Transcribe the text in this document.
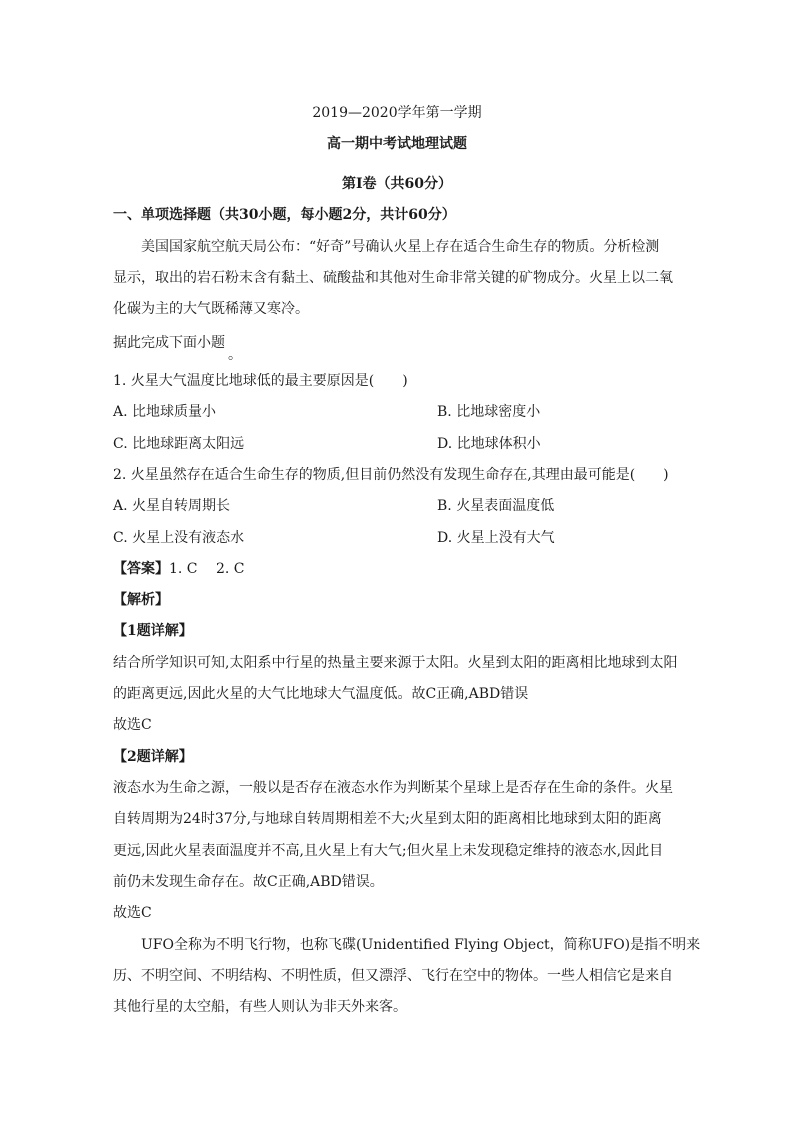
2019—2020学年第一学期
高一期中考试地理试题
第Ⅰ卷（共60分）
一、单项选择题（共30小题，每小题2分，共计60分）
美国国家航空航天局公布：“好奇”号确认火星上存在适合生命生存的物质。分析检测
显示，取出的岩石粉末含有黏土、硫酸盐和其他对生命非常关键的矿物成分。火星上以二氧
化碳为主的大气既稀薄又寒冷。
据此完成下面小题
。
1. 火星大气温度比地球低的最主要原因是(　　)
A. 比地球质量小	B. 比地球密度小
C. 比地球距离太阳远	D. 比地球体积小
2. 火星虽然存在适合生命生存的物质,但目前仍然没有发现生命存在,其理由最可能是(　　)
A. 火星自转周期长	B. 火星表面温度低
C. 火星上没有液态水	D. 火星上没有大气
【答案】1. C　 2. C
【解析】
【1题详解】
结合所学知识可知,太阳系中行星的热量主要来源于太阳。火星到太阳的距离相比地球到太阳
的距离更远,因此火星的大气比地球大气温度低。故C正确,ABD错误
故选C
【2题详解】
液态水为生命之源，一般以是否存在液态水作为判断某个星球上是否存在生命的条件。火星
自转周期为24时37分,与地球自转周期相差不大;火星到太阳的距离相比地球到太阳的距离
更远,因此火星表面温度并不高,且火星上有大气;但火星上未发现稳定维持的液态水,因此目
前仍未发现生命存在。故C正确,ABD错误。
故选C
UFO全称为不明飞行物，也称飞碟(Unidentified Flying Object，简称UFO)是指不明来
历、不明空间、不明结构、不明性质，但又漂浮、飞行在空中的物体。一些人相信它是来自
其他行星的太空船，有些人则认为非天外来客。
